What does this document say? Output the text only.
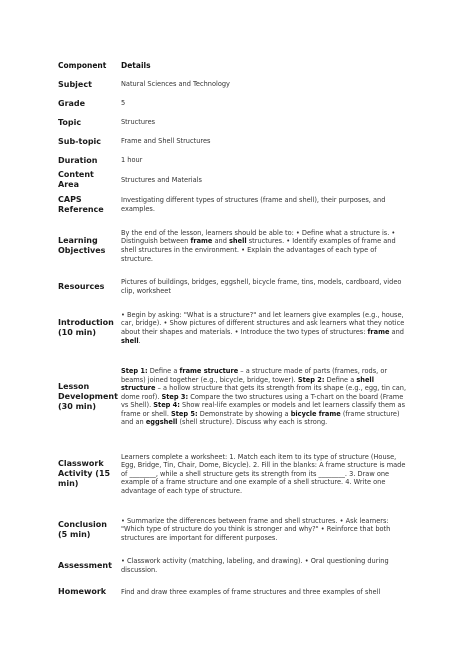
Component	Details
Subject	Natural Sciences and Technology
Grade	5
Topic	Structures
Sub-topic	Frame and Shell Structures
Duration	1 hour
Content Area	Structures and Materials
CAPS Reference	Investigating different types of structures (frame and shell), their purposes, and examples.
Learning Objectives	By the end of the lesson, learners should be able to: • Define what a structure is. • Distinguish between frame and shell structures. • Identify examples of frame and shell structures in the environment. • Explain the advantages of each type of structure.
Resources	Pictures of buildings, bridges, eggshell, bicycle frame, tins, models, cardboard, video clip, worksheet
Introduction (10 min)	• Begin by asking: "What is a structure?" and let learners give examples (e.g., house, car, bridge). • Show pictures of different structures and ask learners what they notice about their shapes and materials. • Introduce the two types of structures: frame and shell.
Lesson Development (30 min)	Step 1: Define a frame structure – a structure made of parts (frames, rods, or beams) joined together (e.g., bicycle, bridge, tower). Step 2: Define a shell structure – a hollow structure that gets its strength from its shape (e.g., egg, tin can, dome roof). Step 3: Compare the two structures using a T-chart on the board (Frame vs Shell). Step 4: Show real-life examples or models and let learners classify them as frame or shell. Step 5: Demonstrate by showing a bicycle frame (frame structure) and an eggshell (shell structure). Discuss why each is strong.
Classwork Activity (15 min)	Learners complete a worksheet: 1. Match each item to its type of structure (House, Egg, Bridge, Tin, Chair, Dome, Bicycle). 2. Fill in the blanks: A frame structure is made of ________, while a shell structure gets its strength from its ________. 3. Draw one example of a frame structure and one example of a shell structure. 4. Write one advantage of each type of structure.
Conclusion (5 min)	• Summarize the differences between frame and shell structures. • Ask learners: "Which type of structure do you think is stronger and why?" • Reinforce that both structures are important for different purposes.
Assessment	• Classwork activity (matching, labeling, and drawing). • Oral questioning during discussion.
Homework	Find and draw three examples of frame structures and three examples of shell
